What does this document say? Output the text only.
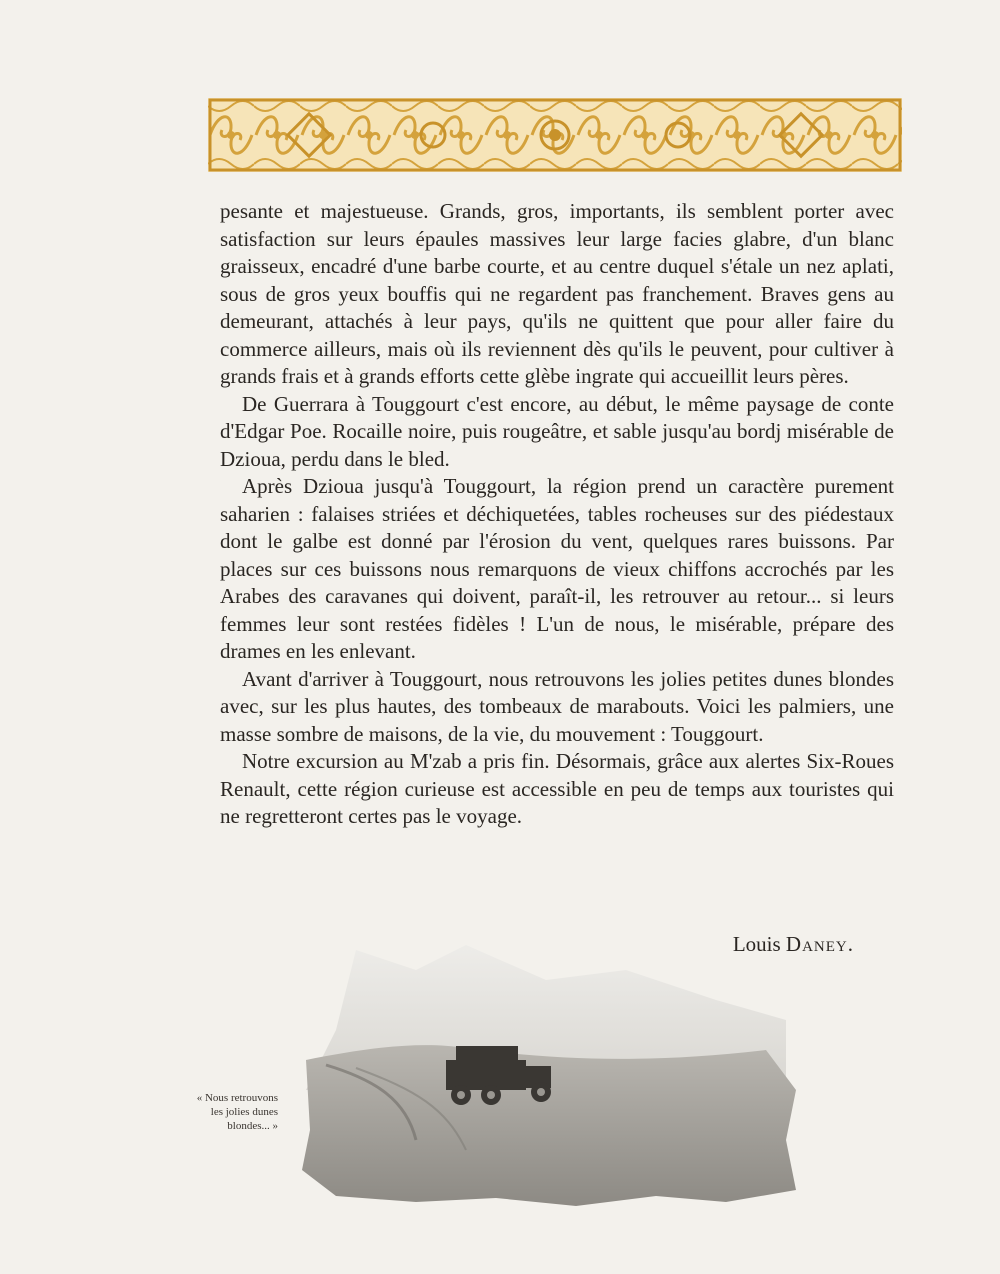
pesante et majestueuse. Grands, gros, importants, ils semblent porter avec satisfaction sur leurs épaules massives leur large facies glabre, d'un blanc graisseux, encadré d'une barbe courte, et au centre duquel s'étale un nez aplati, sous de gros yeux bouffis qui ne regardent pas franchement. Braves gens au demeurant, attachés à leur pays, qu'ils ne quittent que pour aller faire du commerce ailleurs, mais où ils reviennent dès qu'ils le peuvent, pour cultiver à grands frais et à grands efforts cette glèbe ingrate qui accueillit leurs pères.

De Guerrara à Touggourt c'est encore, au début, le même paysage de conte d'Edgar Poe. Rocaille noire, puis rougeâtre, et sable jusqu'au bordj misérable de Dzioua, perdu dans le bled.

Après Dzioua jusqu'à Touggourt, la région prend un caractère purement saharien : falaises striées et déchiquetées, tables rocheuses sur des piédestaux dont le galbe est donné par l'érosion du vent, quelques rares buissons. Par places sur ces buissons nous remarquons de vieux chiffons accrochés par les Arabes des caravanes qui doivent, paraît-il, les retrouver au retour... si leurs femmes leur sont restées fidèles ! L'un de nous, le misérable, prépare des drames en les enlevant.

Avant d'arriver à Touggourt, nous retrouvons les jolies petites dunes blondes avec, sur les plus hautes, des tombeaux de marabouts. Voici les palmiers, une masse sombre de maisons, de la vie, du mouvement : Touggourt.

Notre excursion au M'zab a pris fin. Désormais, grâce aux alertes Six-Roues Renault, cette région curieuse est accessible en peu de temps aux touristes qui ne regretteront certes pas le voyage.

Louis Daney.
« Nous retrouvons
les jolies dunes
blondes... »
